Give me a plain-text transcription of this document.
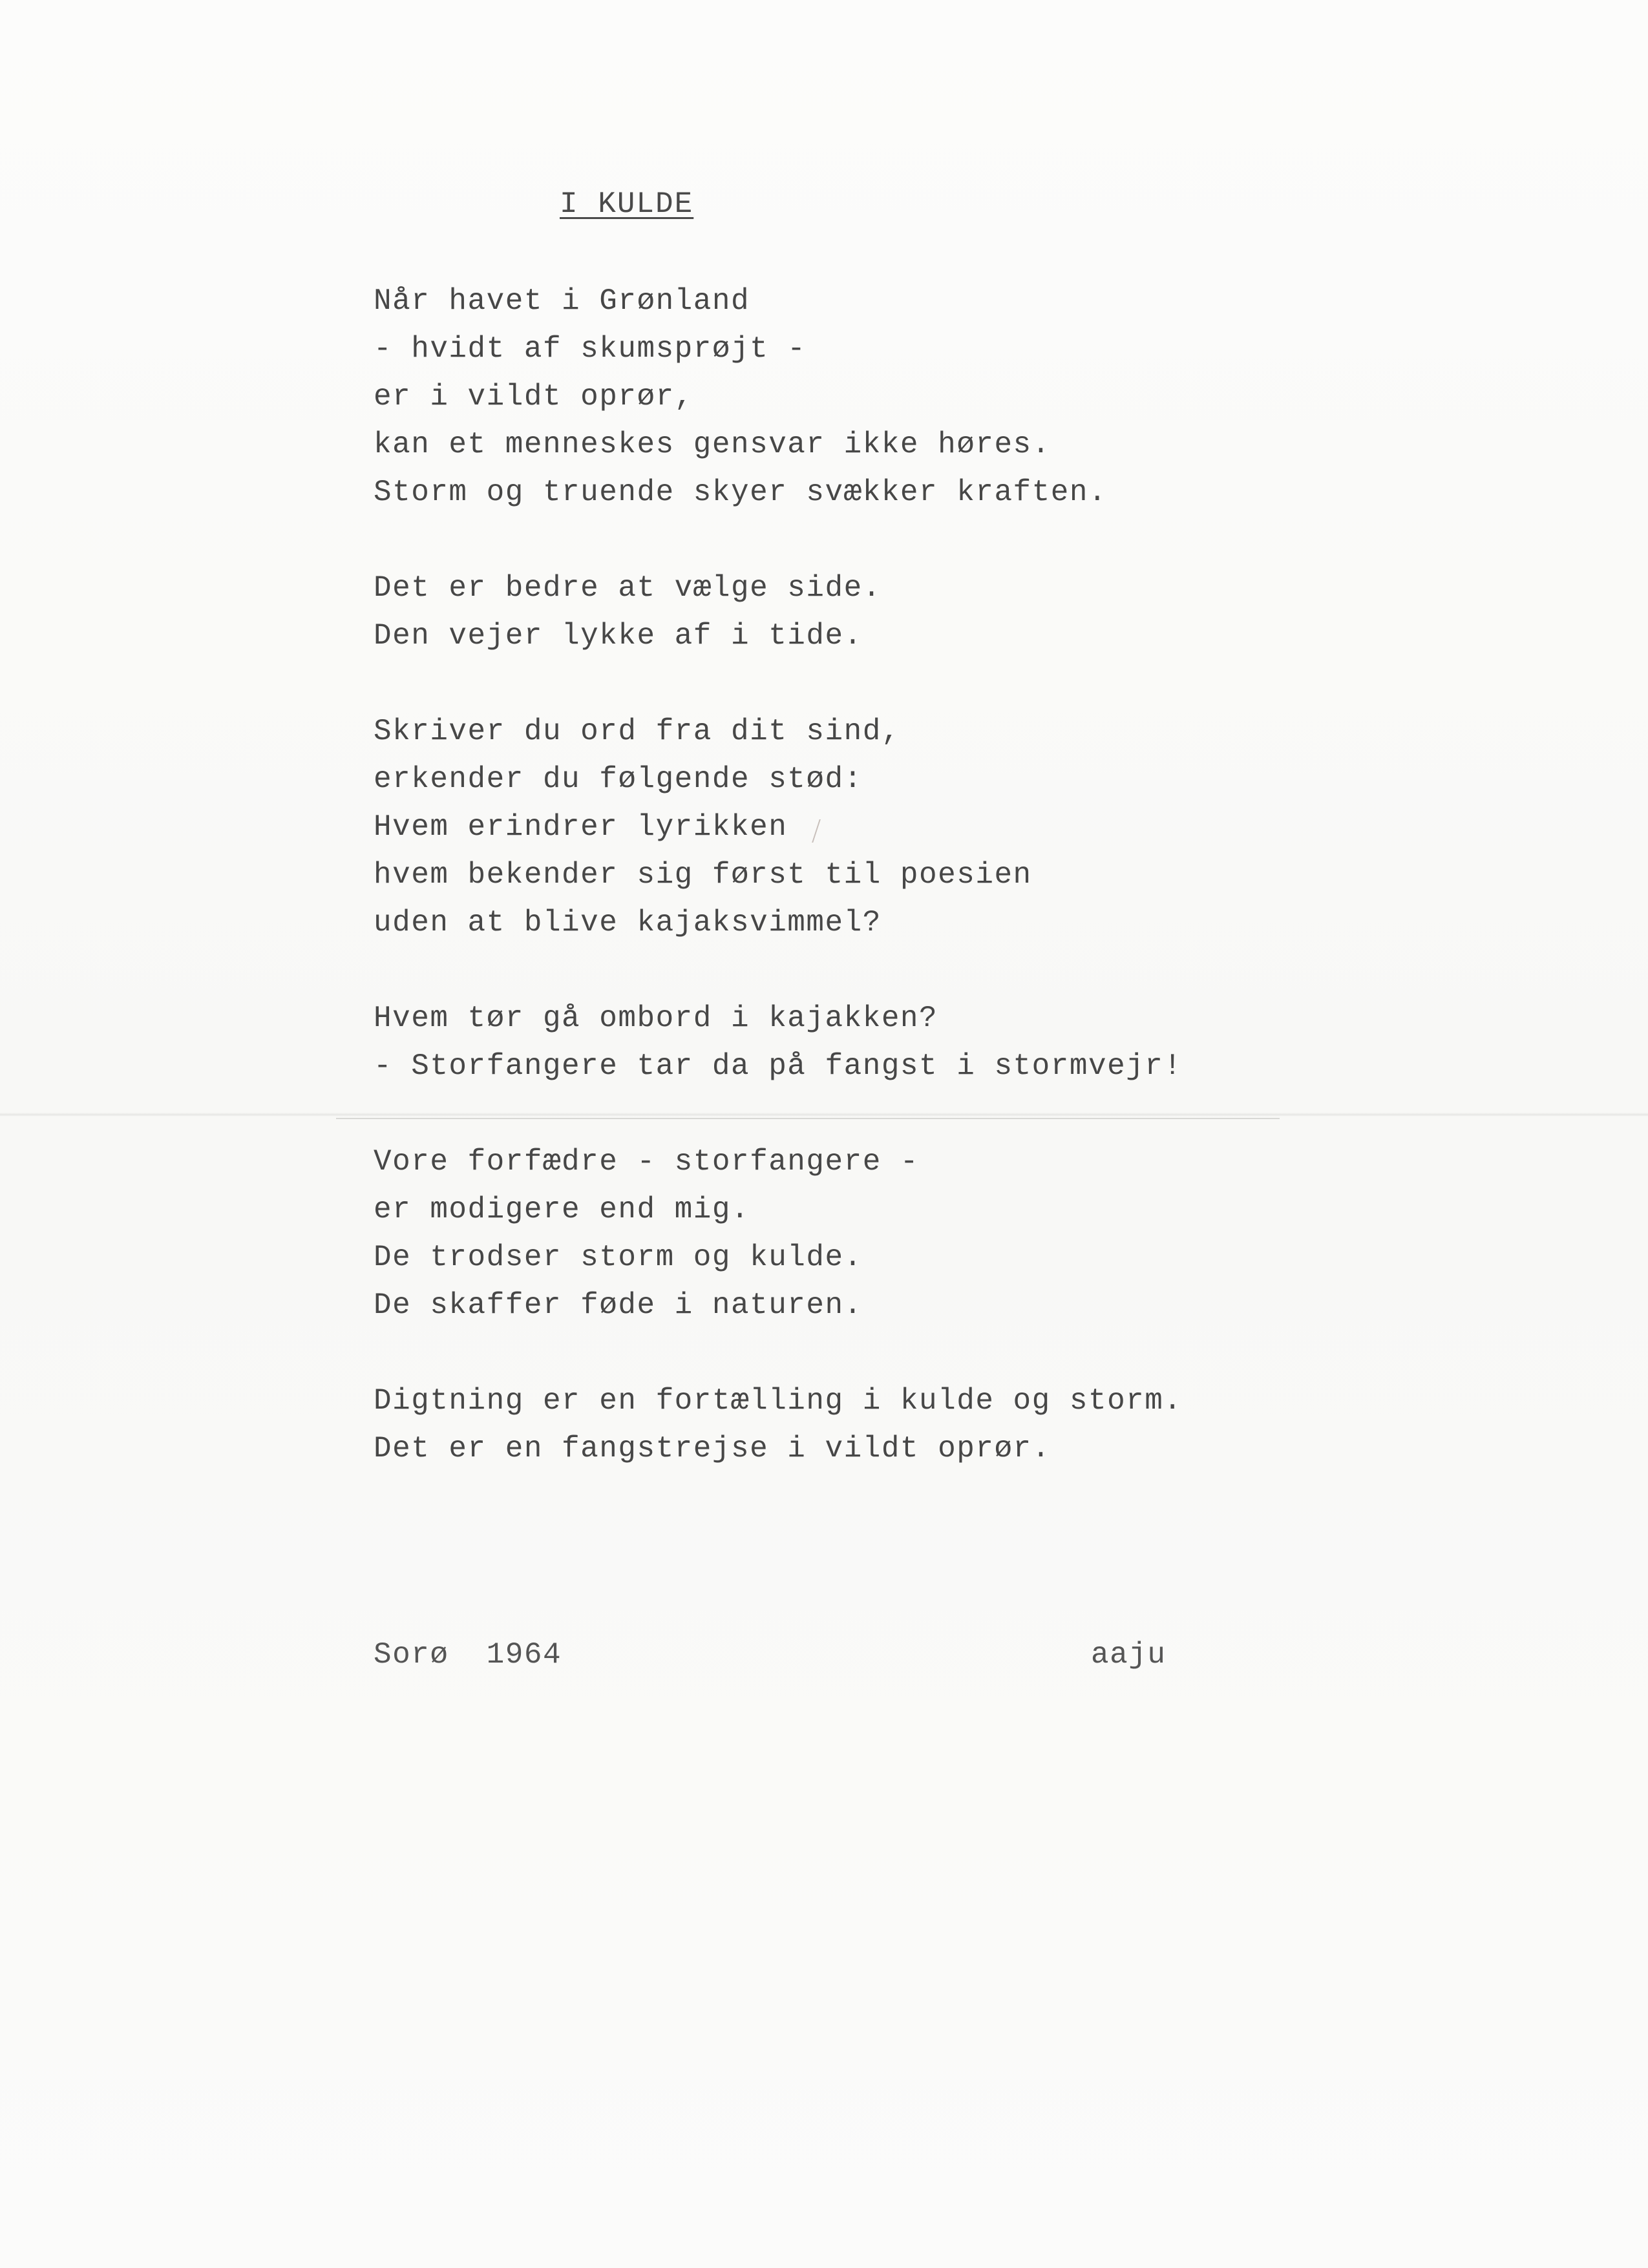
I KULDE
Når havet i Grønland
- hvidt af skumsprøjt -
er i vildt oprør,
kan et menneskes gensvar ikke høres.
Storm og truende skyer svækker kraften.
Det er bedre at vælge side.
Den vejer lykke af i tide.
Skriver du ord fra dit sind,
erkender du følgende stød:
Hvem erindrer lyrikken
hvem bekender sig først til poesien
uden at blive kajaksvimmel?
Hvem tør gå ombord i kajakken?
- Storfangere tar da på fangst i stormvejr!
Vore forfædre - storfangere -
er modigere end mig.
De trodser storm og kulde.
De skaffer føde i naturen.
Digtning er en fortælling i kulde og storm.
Det er en fangstrejse i vildt oprør.
Sorø  1964	aaju
